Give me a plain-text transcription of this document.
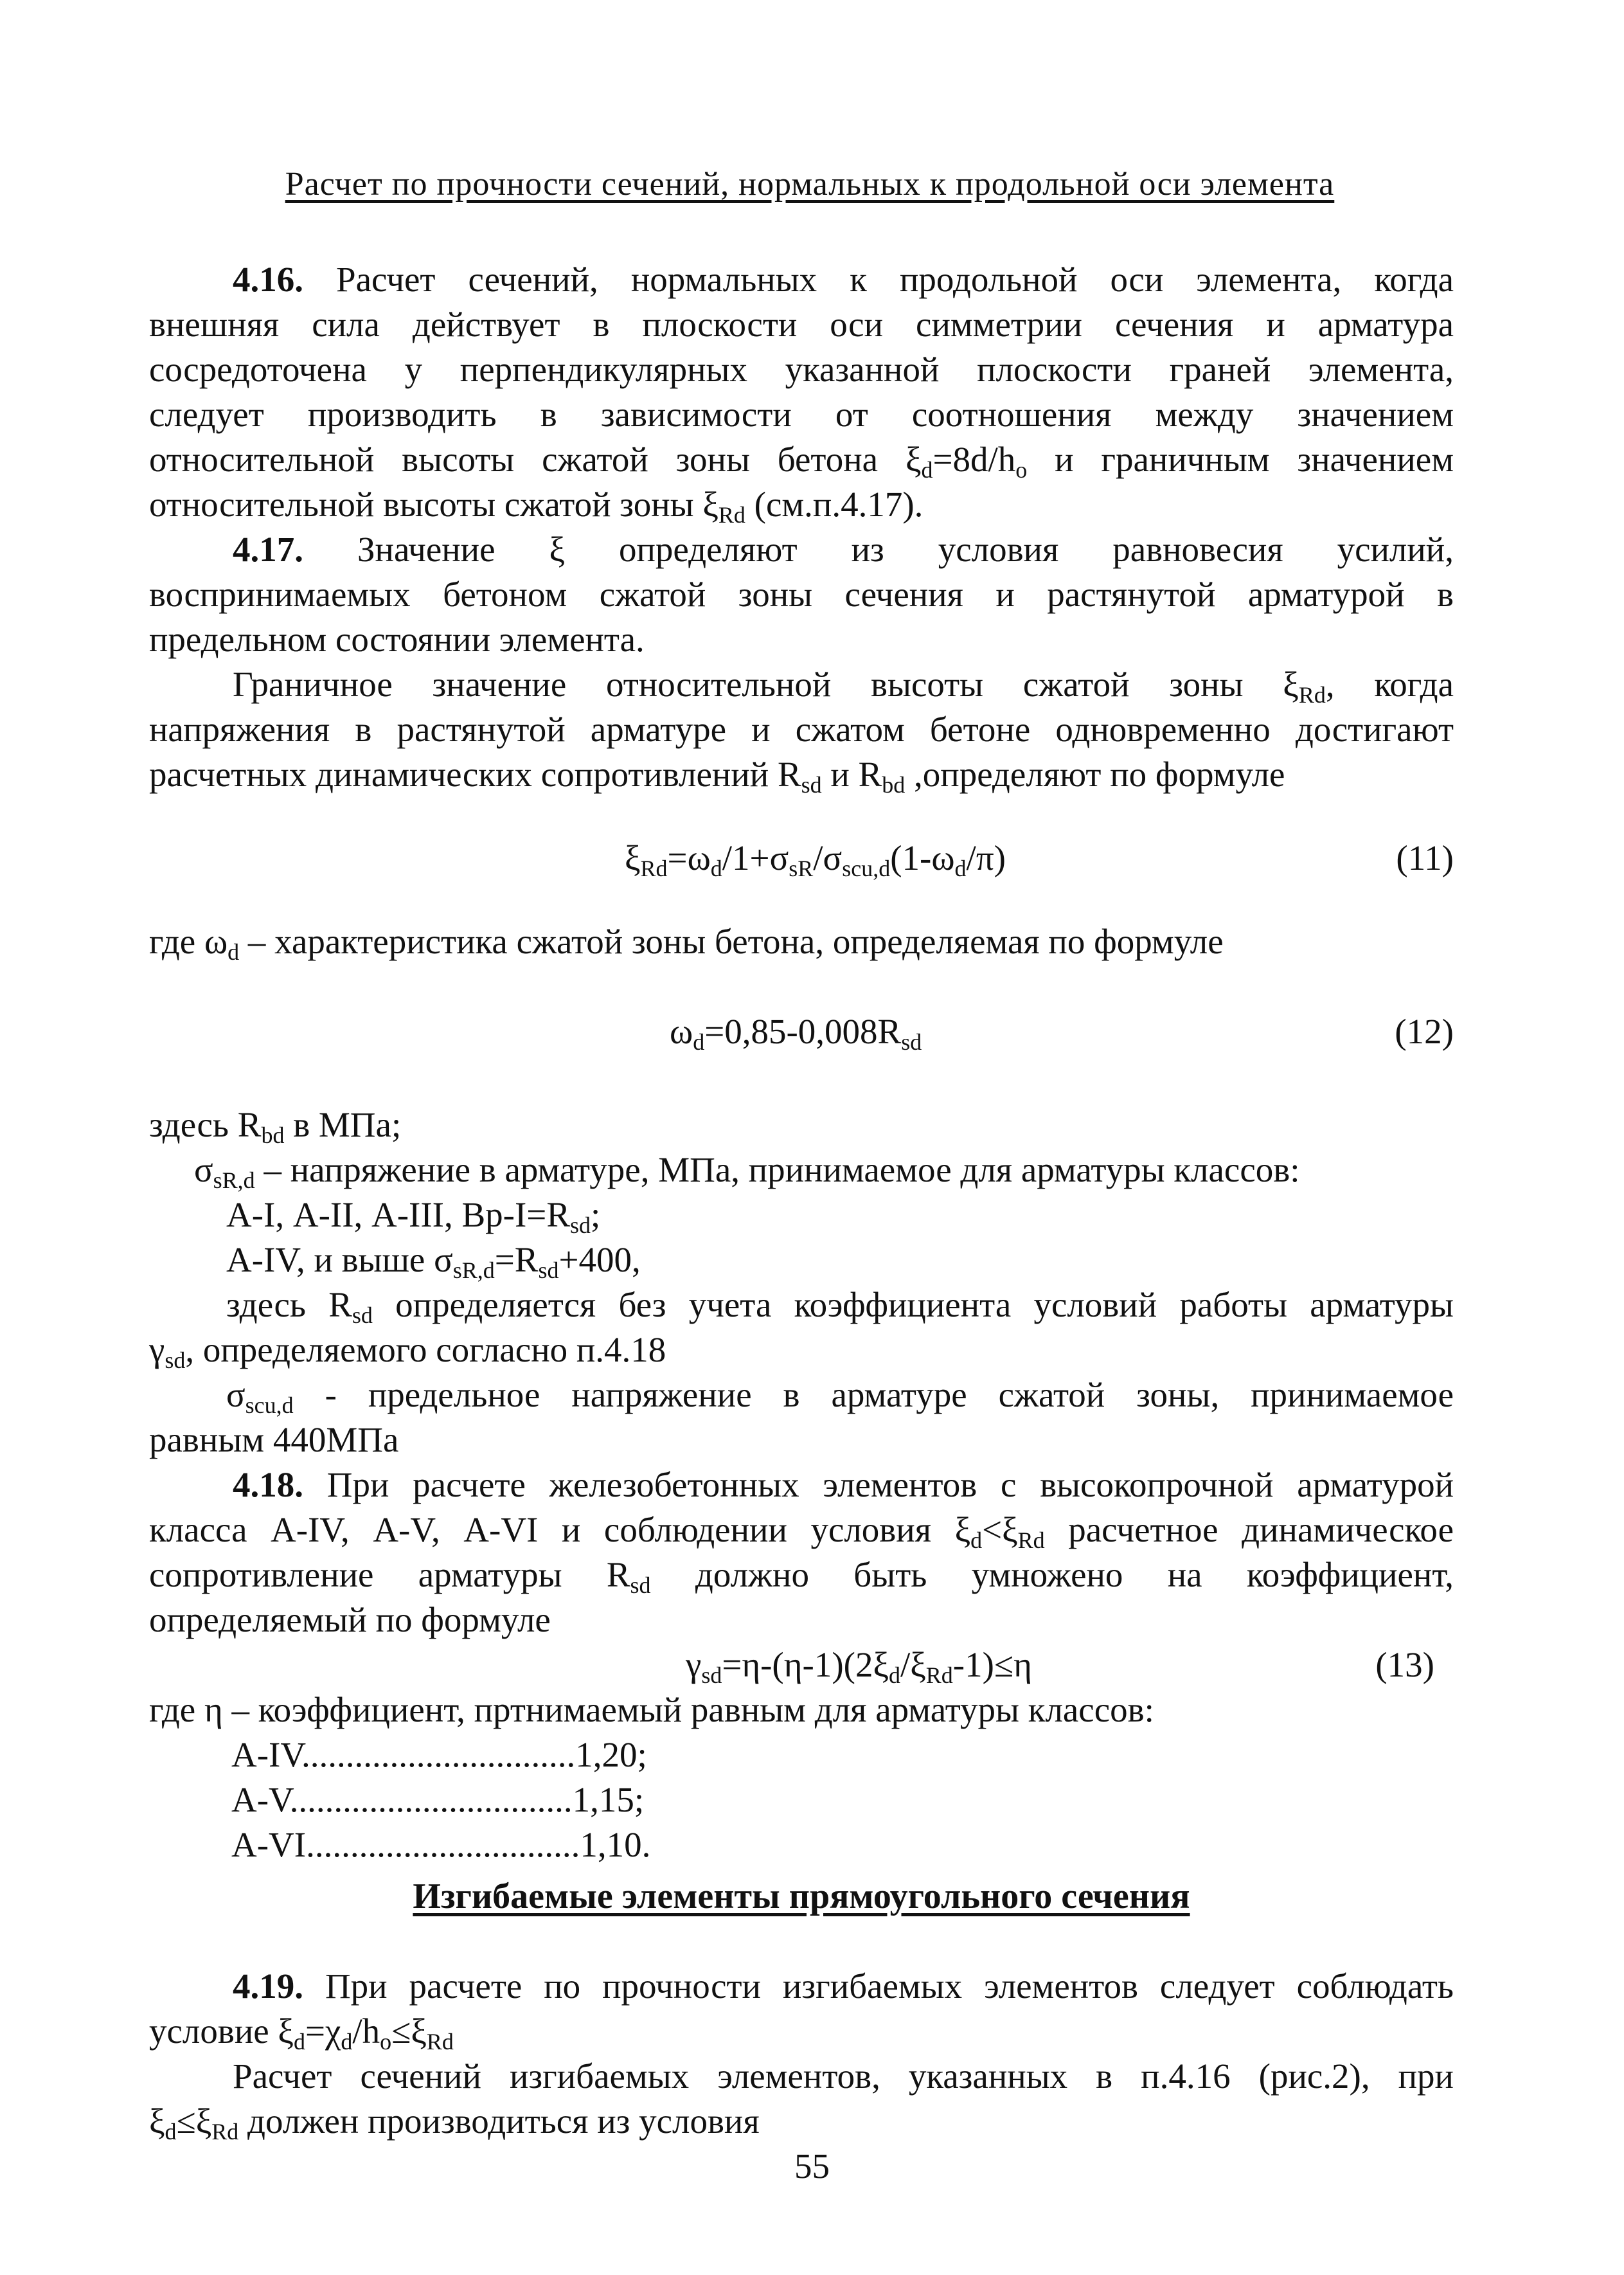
Расчет по прочности сечений, нормальных к продольной оси элемента
4.16. Расчет сечений, нормальных к продольной оси элемента, когда
внешняя сила действует в плоскости оси симметрии сечения и арматура
сосредоточена у перпендикулярных указанной плоскости граней элемента,
следует производить в зависимости от соотношения между значением
относительной высоты сжатой зоны бетона $\xi_d=8d/h_o$ и граничным значением
относительной высоты сжатой зоны $\xi_{Rd}$ (см.п.4.17).
4.17. Значение ξ определяют из условия равновесия усилий,
воспринимаемых бетоном сжатой зоны сечения и растянутой арматурой в
предельном состоянии элемента.
Граничное значение относительной высоты сжатой зоны $\xi_{Rd}$, когда
напряжения в растянутой арматуре и сжатом бетоне одновременно достигают
расчетных динамических сопротивлений $R_{sd}$ и $R_{bd}$ ,определяют по формуле
$\xi_{Rd}=\omega_d/1+\sigma_{sR}/\sigma_{scu,d}(1-\omega_d/\pi)$	(11)
где $\omega_d$ – характеристика сжатой зоны бетона, определяемая по формуле
$\omega_d=0,85-0,008R_{sd}$	(12)
здесь $R_{bd}$ в МПа;
$\sigma_{sR,d}$ – напряжение в арматуре, МПа, принимаемое для арматуры классов:
А-I, А-II, А-III, $Вр-I=R_{sd}$;
А-IV, и выше $\sigma_{sR,d}=R_{sd}+400$,
здесь $R_{sd}$ определяется без учета коэффициента условий работы арматуры
$\gamma_{sd}$, определяемого согласно п.4.18
$\sigma_{scu,d}$ - предельное напряжение в арматуре сжатой зоны, принимаемое
равным 440МПа
4.18. При расчете железобетонных элементов с высокопрочной арматурой
класса А-IV, А-V, А-VI и соблюдении условия $\xi_d<\xi_{Rd}$ расчетное динамическое
сопротивление арматуры $R_{sd}$ должно быть умножено на коэффициент,
определяемый по формуле
$\gamma_{sd}=\eta-(\eta-1)(2\xi_d/\xi_{Rd}-1)\le\eta$	(13)
где η – коэффициент, пртнимаемый равным для арматуры классов:
А-IV...............................1,20;
А-V................................1,15;
А-VI...............................1,10.
Изгибаемые элементы прямоугольного сечения
4.19. При расчете по прочности изгибаемых элементов следует соблюдать
условие $\xi_d=\chi_d/h_o\le\xi_{Rd}$
Расчет сечений изгибаемых элементов, указанных в п.4.16 (рис.2), при
$\xi_d\le\xi_{Rd}$ должен производиться из условия
55
